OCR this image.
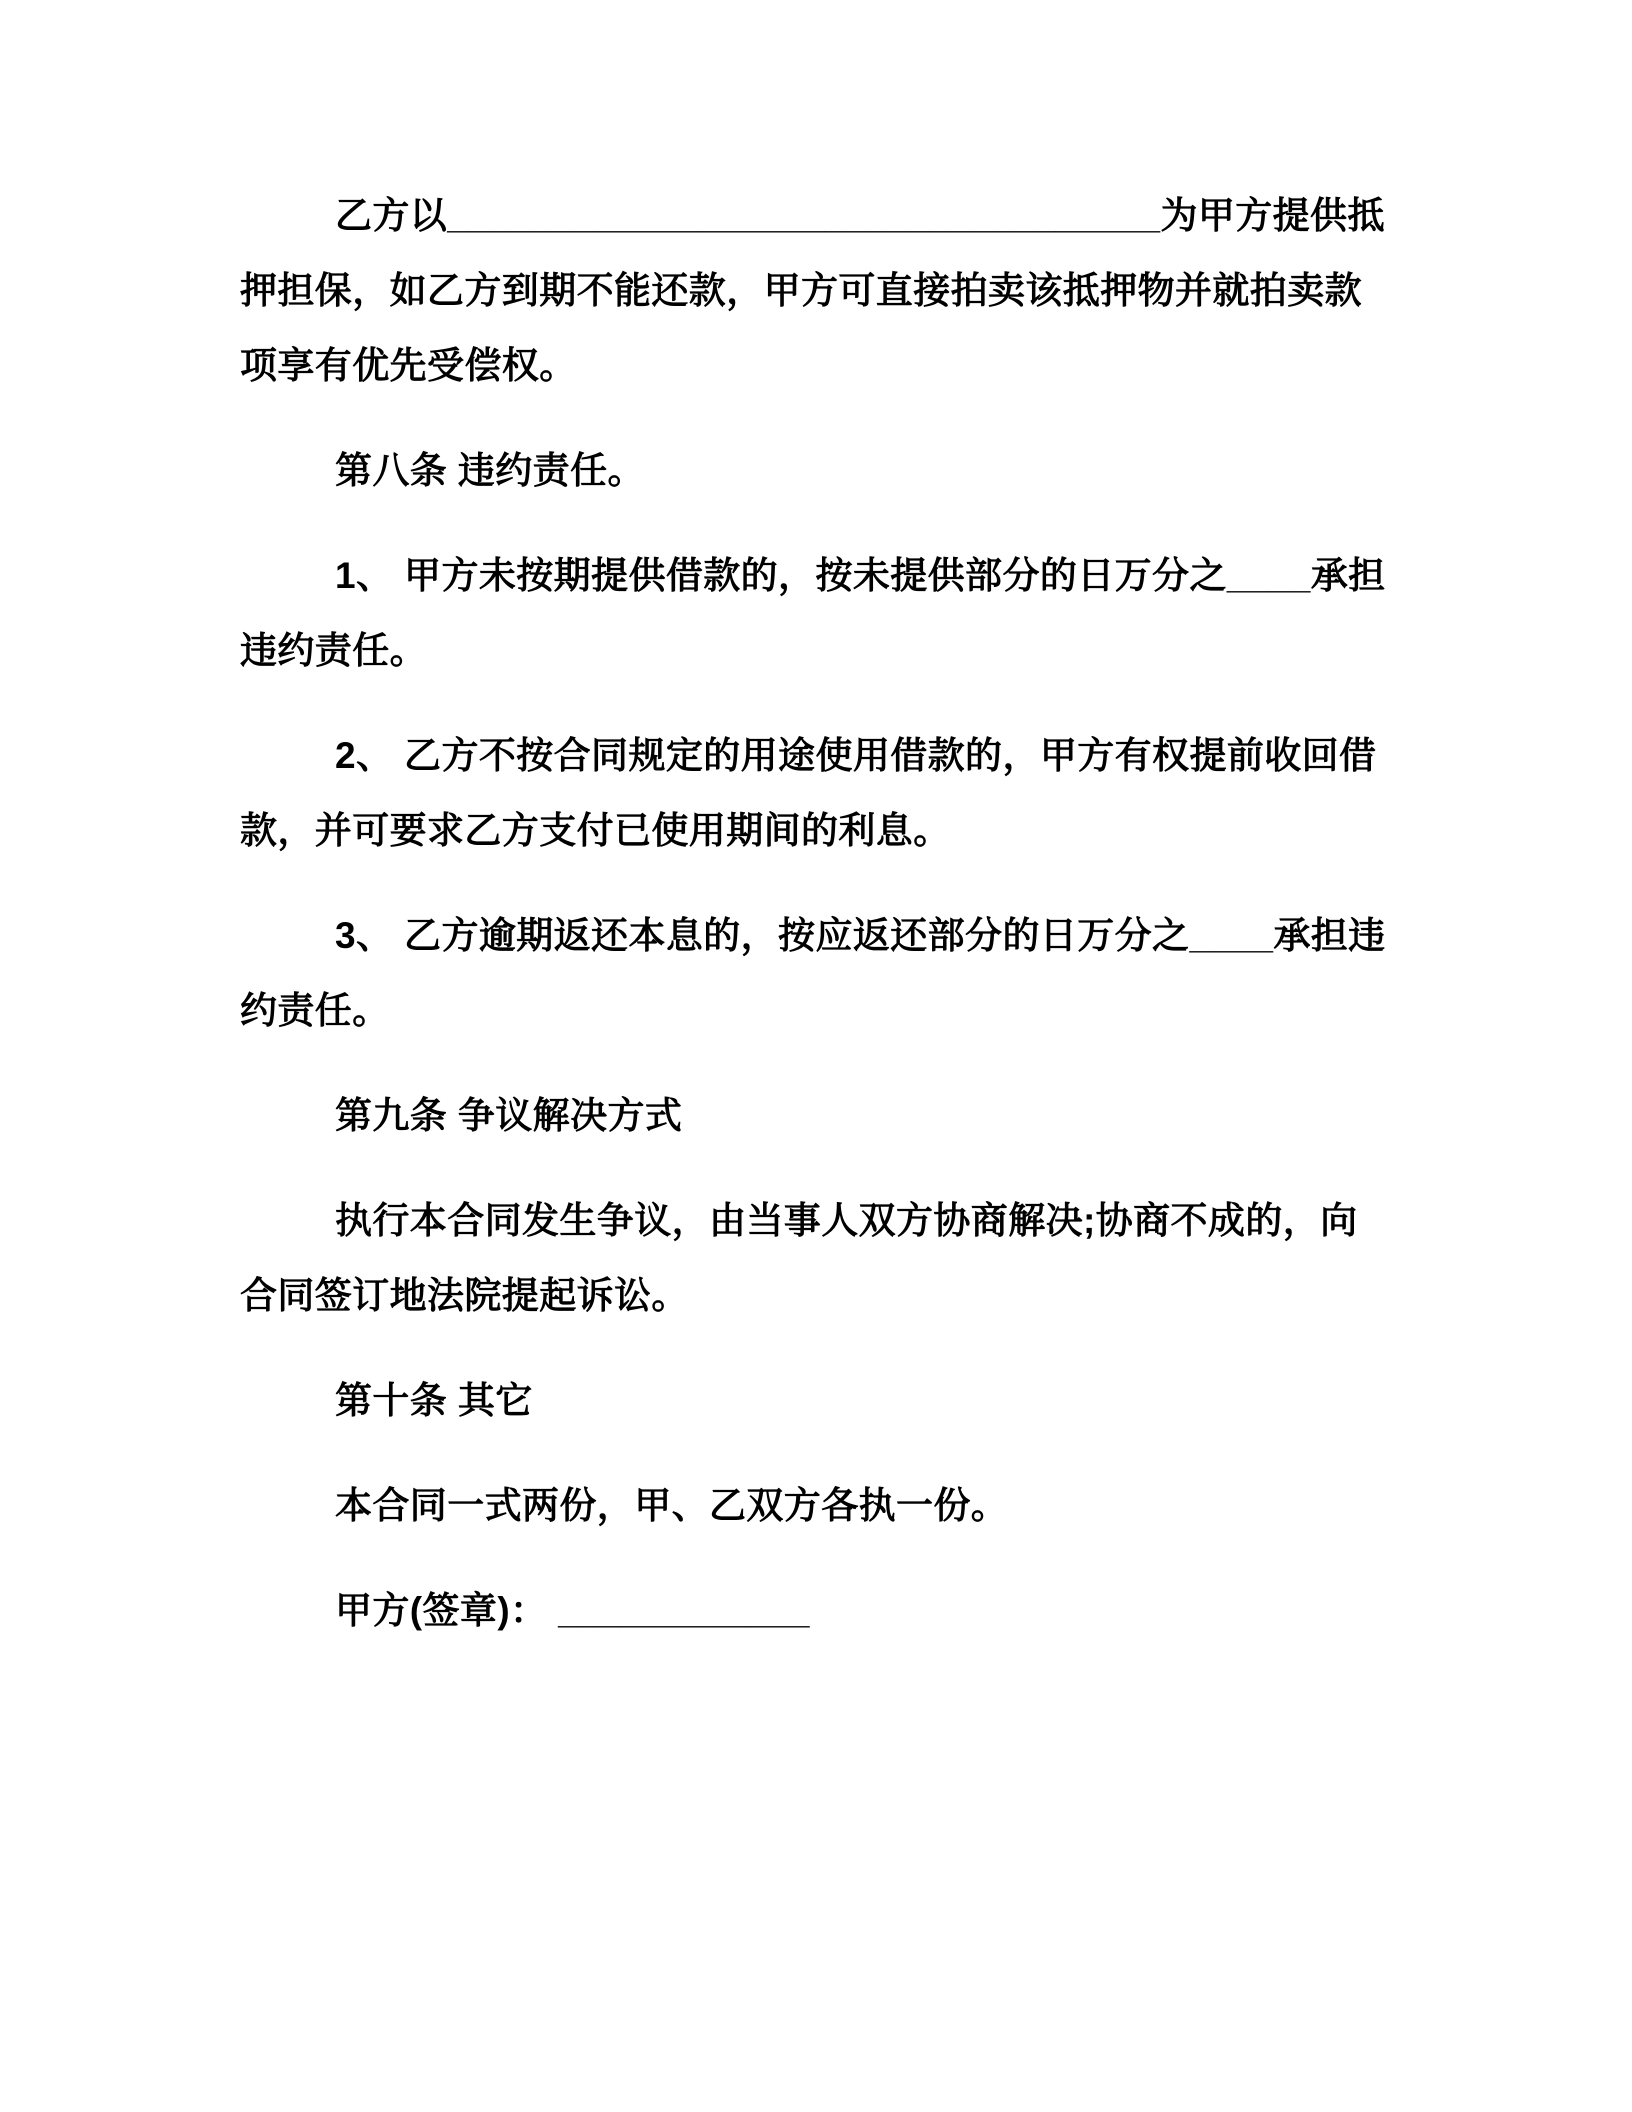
乙方以__________________________________为甲方提供抵
押担保，如乙方到期不能还款，甲方可直接拍卖该抵押物并就拍卖款
项享有优先受偿权。
第八条 违约责任。
1、 甲方未按期提供借款的，按未提供部分的日万分之____承担
违约责任。
2、 乙方不按合同规定的用途使用借款的，甲方有权提前收回借
款，并可要求乙方支付已使用期间的利息。
3、 乙方逾期返还本息的，按应返还部分的日万分之____承担违
约责任。
第九条 争议解决方式
执行本合同发生争议，由当事人双方协商解决;协商不成的，向
合同签订地法院提起诉讼。
第十条 其它
本合同一式两份，甲、乙双方各执一份。
甲方(签章)： ____________
